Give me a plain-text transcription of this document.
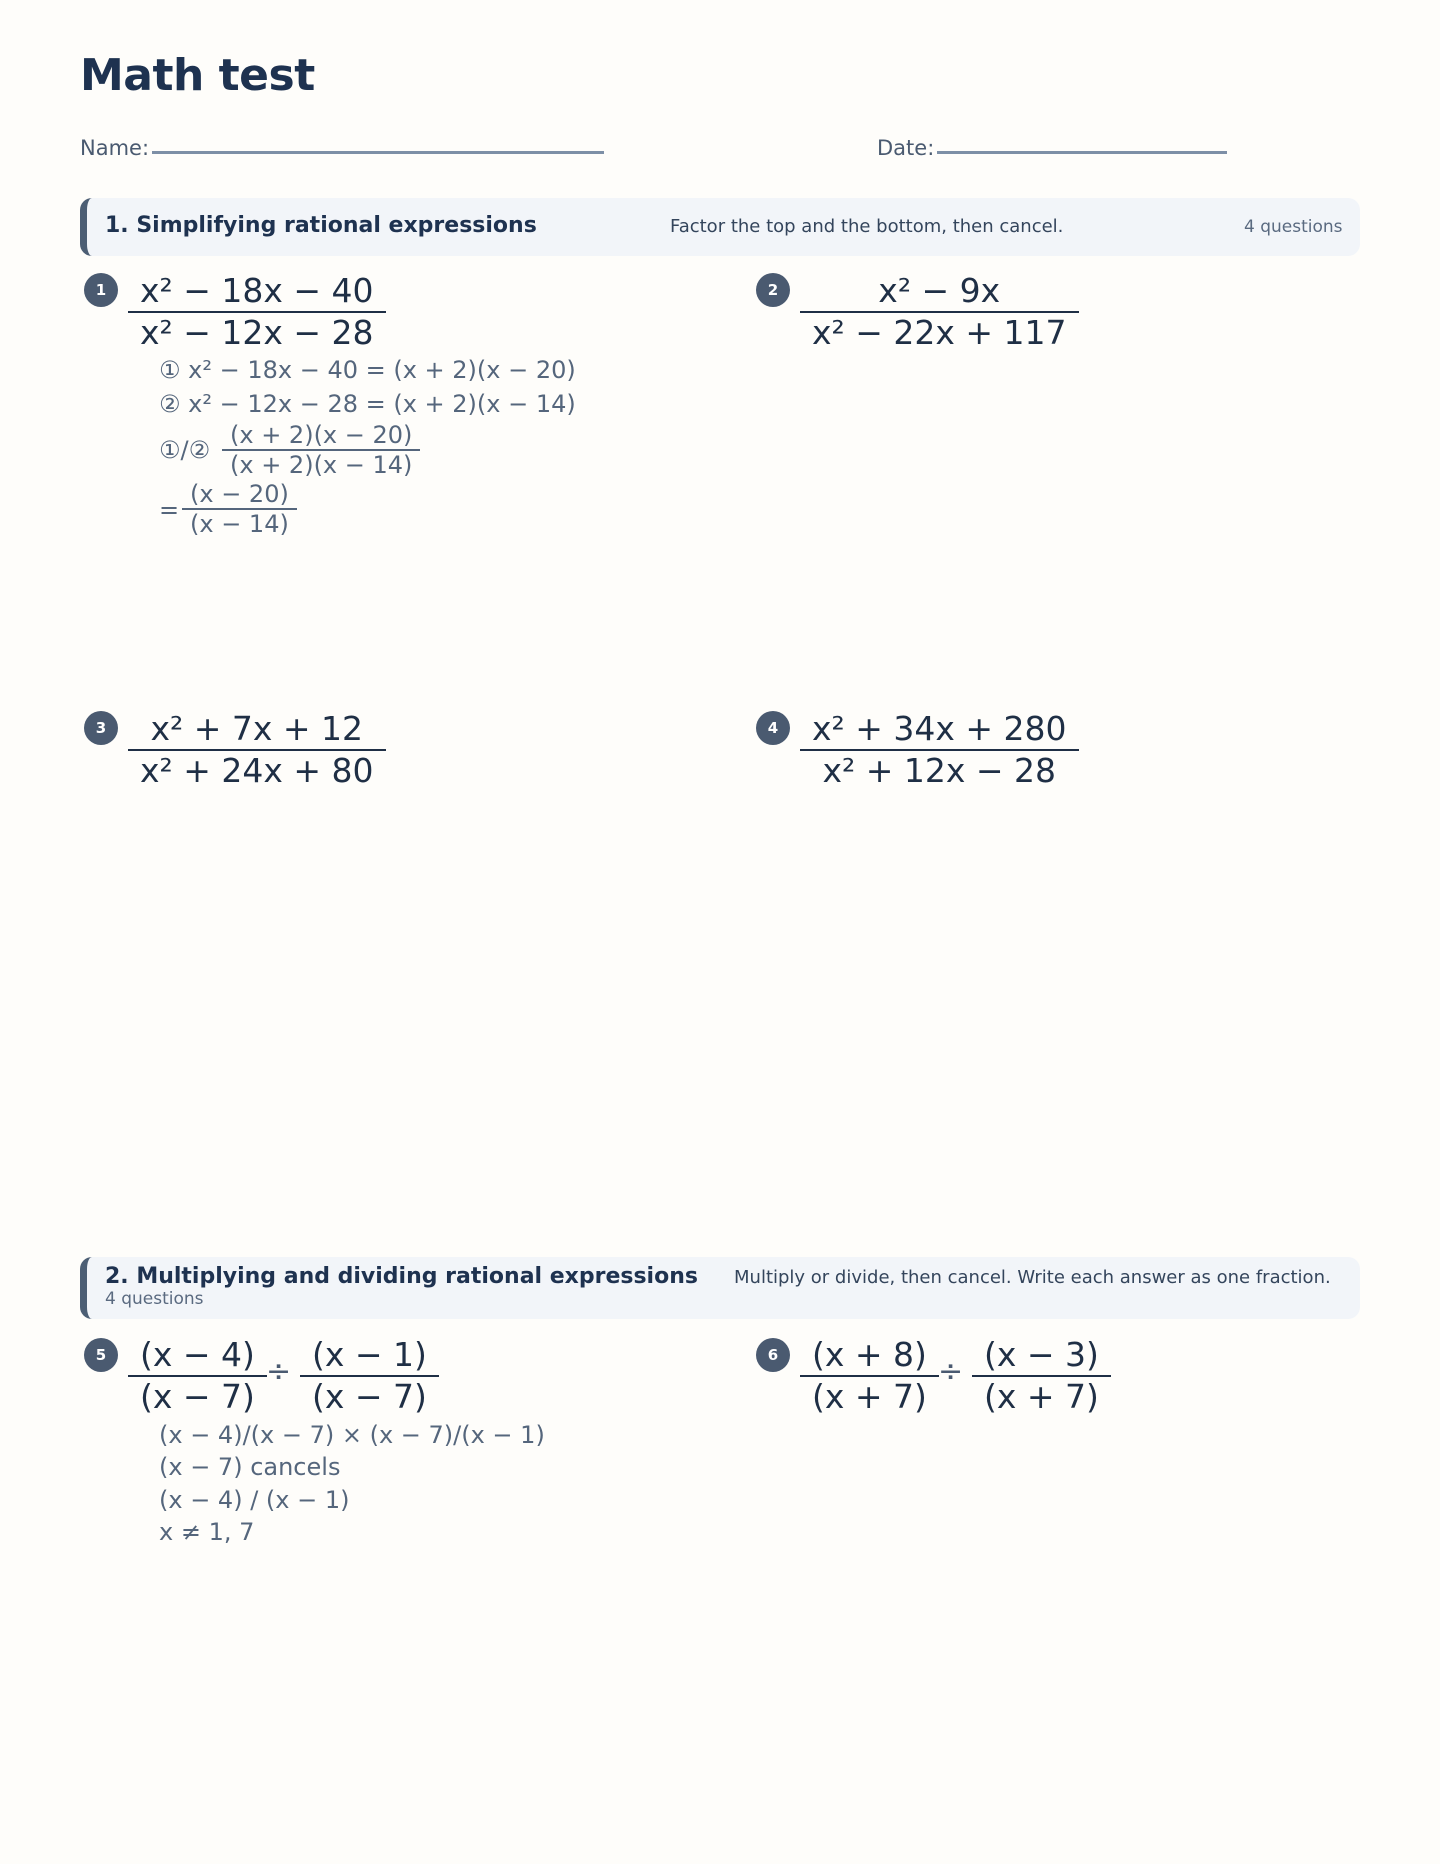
Math test
Name:	Date:
1. Simplifying rational expressions	Factor the top and the bottom, then cancel.	4 questions
1	x² − 18x − 40
x² − 12x − 28
① x² − 18x − 40 = (x + 2)(x − 20)
② x² − 12x − 28 = (x + 2)(x − 14)
①/②
(x + 2)(x − 20)
(x + 2)(x − 14)
=
(x − 20)
(x − 14)
2	x² − 9x
x² − 22x + 117
3	x² + 7x + 12
x² + 24x + 80
4	x² + 34x + 280
x² + 12x − 28
2. Multiplying and dividing rational expressions
4 questions
Multiply or divide, then cancel. Write each answer as one fraction.
5	(x − 4)
(x − 7)
÷ (x − 1)
(x − 7)
(x − 4)/(x − 7) × (x − 7)/(x − 1)
(x − 7) cancels
(x − 4) / (x − 1)
x ≠ 1, 7
6	(x + 8)
(x + 7)
÷ (x − 3)
(x + 7)
